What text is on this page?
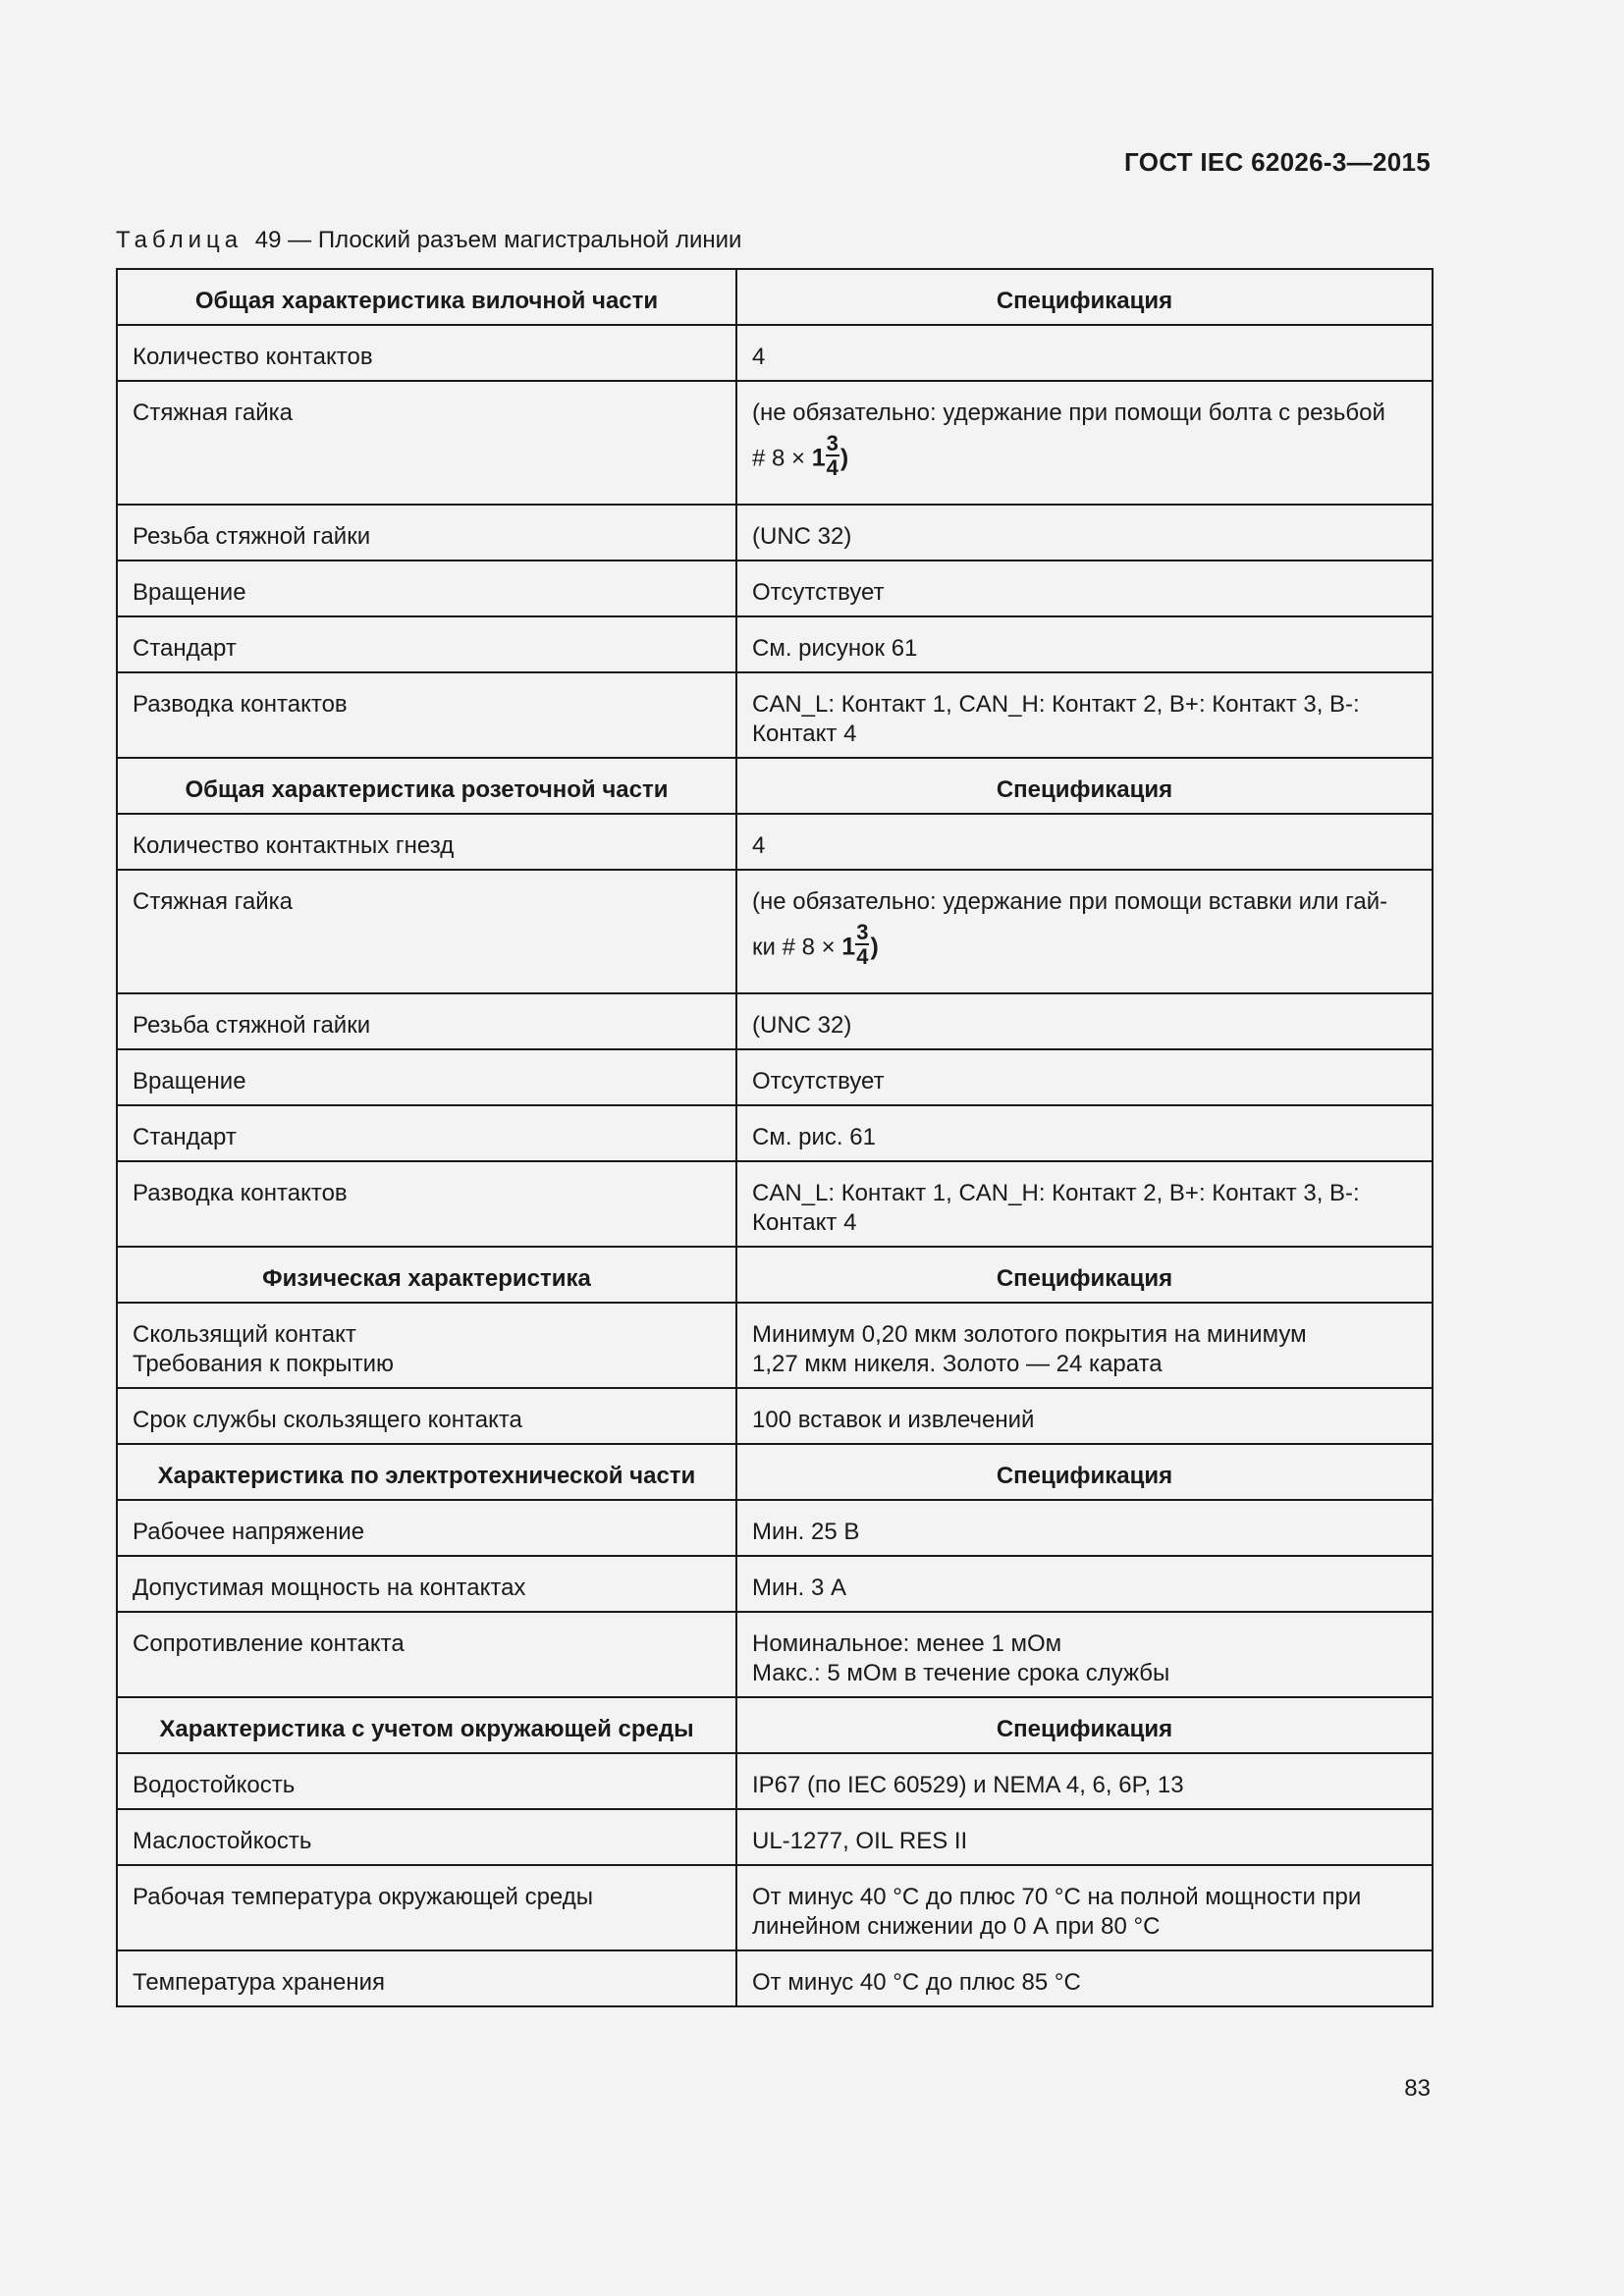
ГОСТ IEC 62026-3—2015
Таблица 49 — Плоский разъем магистральной линии
Общая характеристика вилочной части	Спецификация
Количество контактов	4
Стяжная гайка	(не обязательно: удержание при помощи болта с резьбой
# $8 \times 1 \frac{3}{4}$ )

Резьба стяжной гайки	(UNC 32)
Вращение	Отсутствует
Стандарт	См. рисунок 61
Разводка контактов	CAN_L: Контакт 1, CAN_H: Контакт 2, B+: Контакт 3, B-:
Контакт 4

Общая характеристика розеточной части	Спецификация
Количество контактных гнезд	4
Стяжная гайка	(не обязательно: удержание при помощи вставки или гай-
ки # $8 \times 1 \frac{3}{4}$ )

Резьба стяжной гайки	(UNC 32)
Вращение	Отсутствует
Стандарт	См. рис. 61
Разводка контактов	CAN_L: Контакт 1, CAN_H: Контакт 2, B+: Контакт 3, B-:
Контакт 4

Физическая характеристика	Спецификация

Скользящий контакт
Требования к покрытию	Минимум 0,20 мкм золотого покрытия на минимум
1,27 мкм никеля. Золото — 24 карата

Срок службы скользящего контакта	100 вставок и извлечений
Характеристика по электротехнической части	Спецификация
Рабочее напряжение	Мин. 25 В
Допустимая мощность на контактах	Мин. 3 А
Сопротивление контакта	Номинальное: менее 1 мОм
Макс.: 5 мОм в течение срока службы

Характеристика с учетом окружающей среды	Спецификация
Водостойкость	IP67 (по IEC 60529) и NEMA 4, 6, 6P, 13
Маслостойкость	UL-1277, OIL RES II
Рабочая температура окружающей среды	От минус 40 °С до плюс 70 °С на полной мощности при
линейном снижении до 0 А при 80 °С

Температура хранения	От минус 40 °С до плюс 85 °С
83
